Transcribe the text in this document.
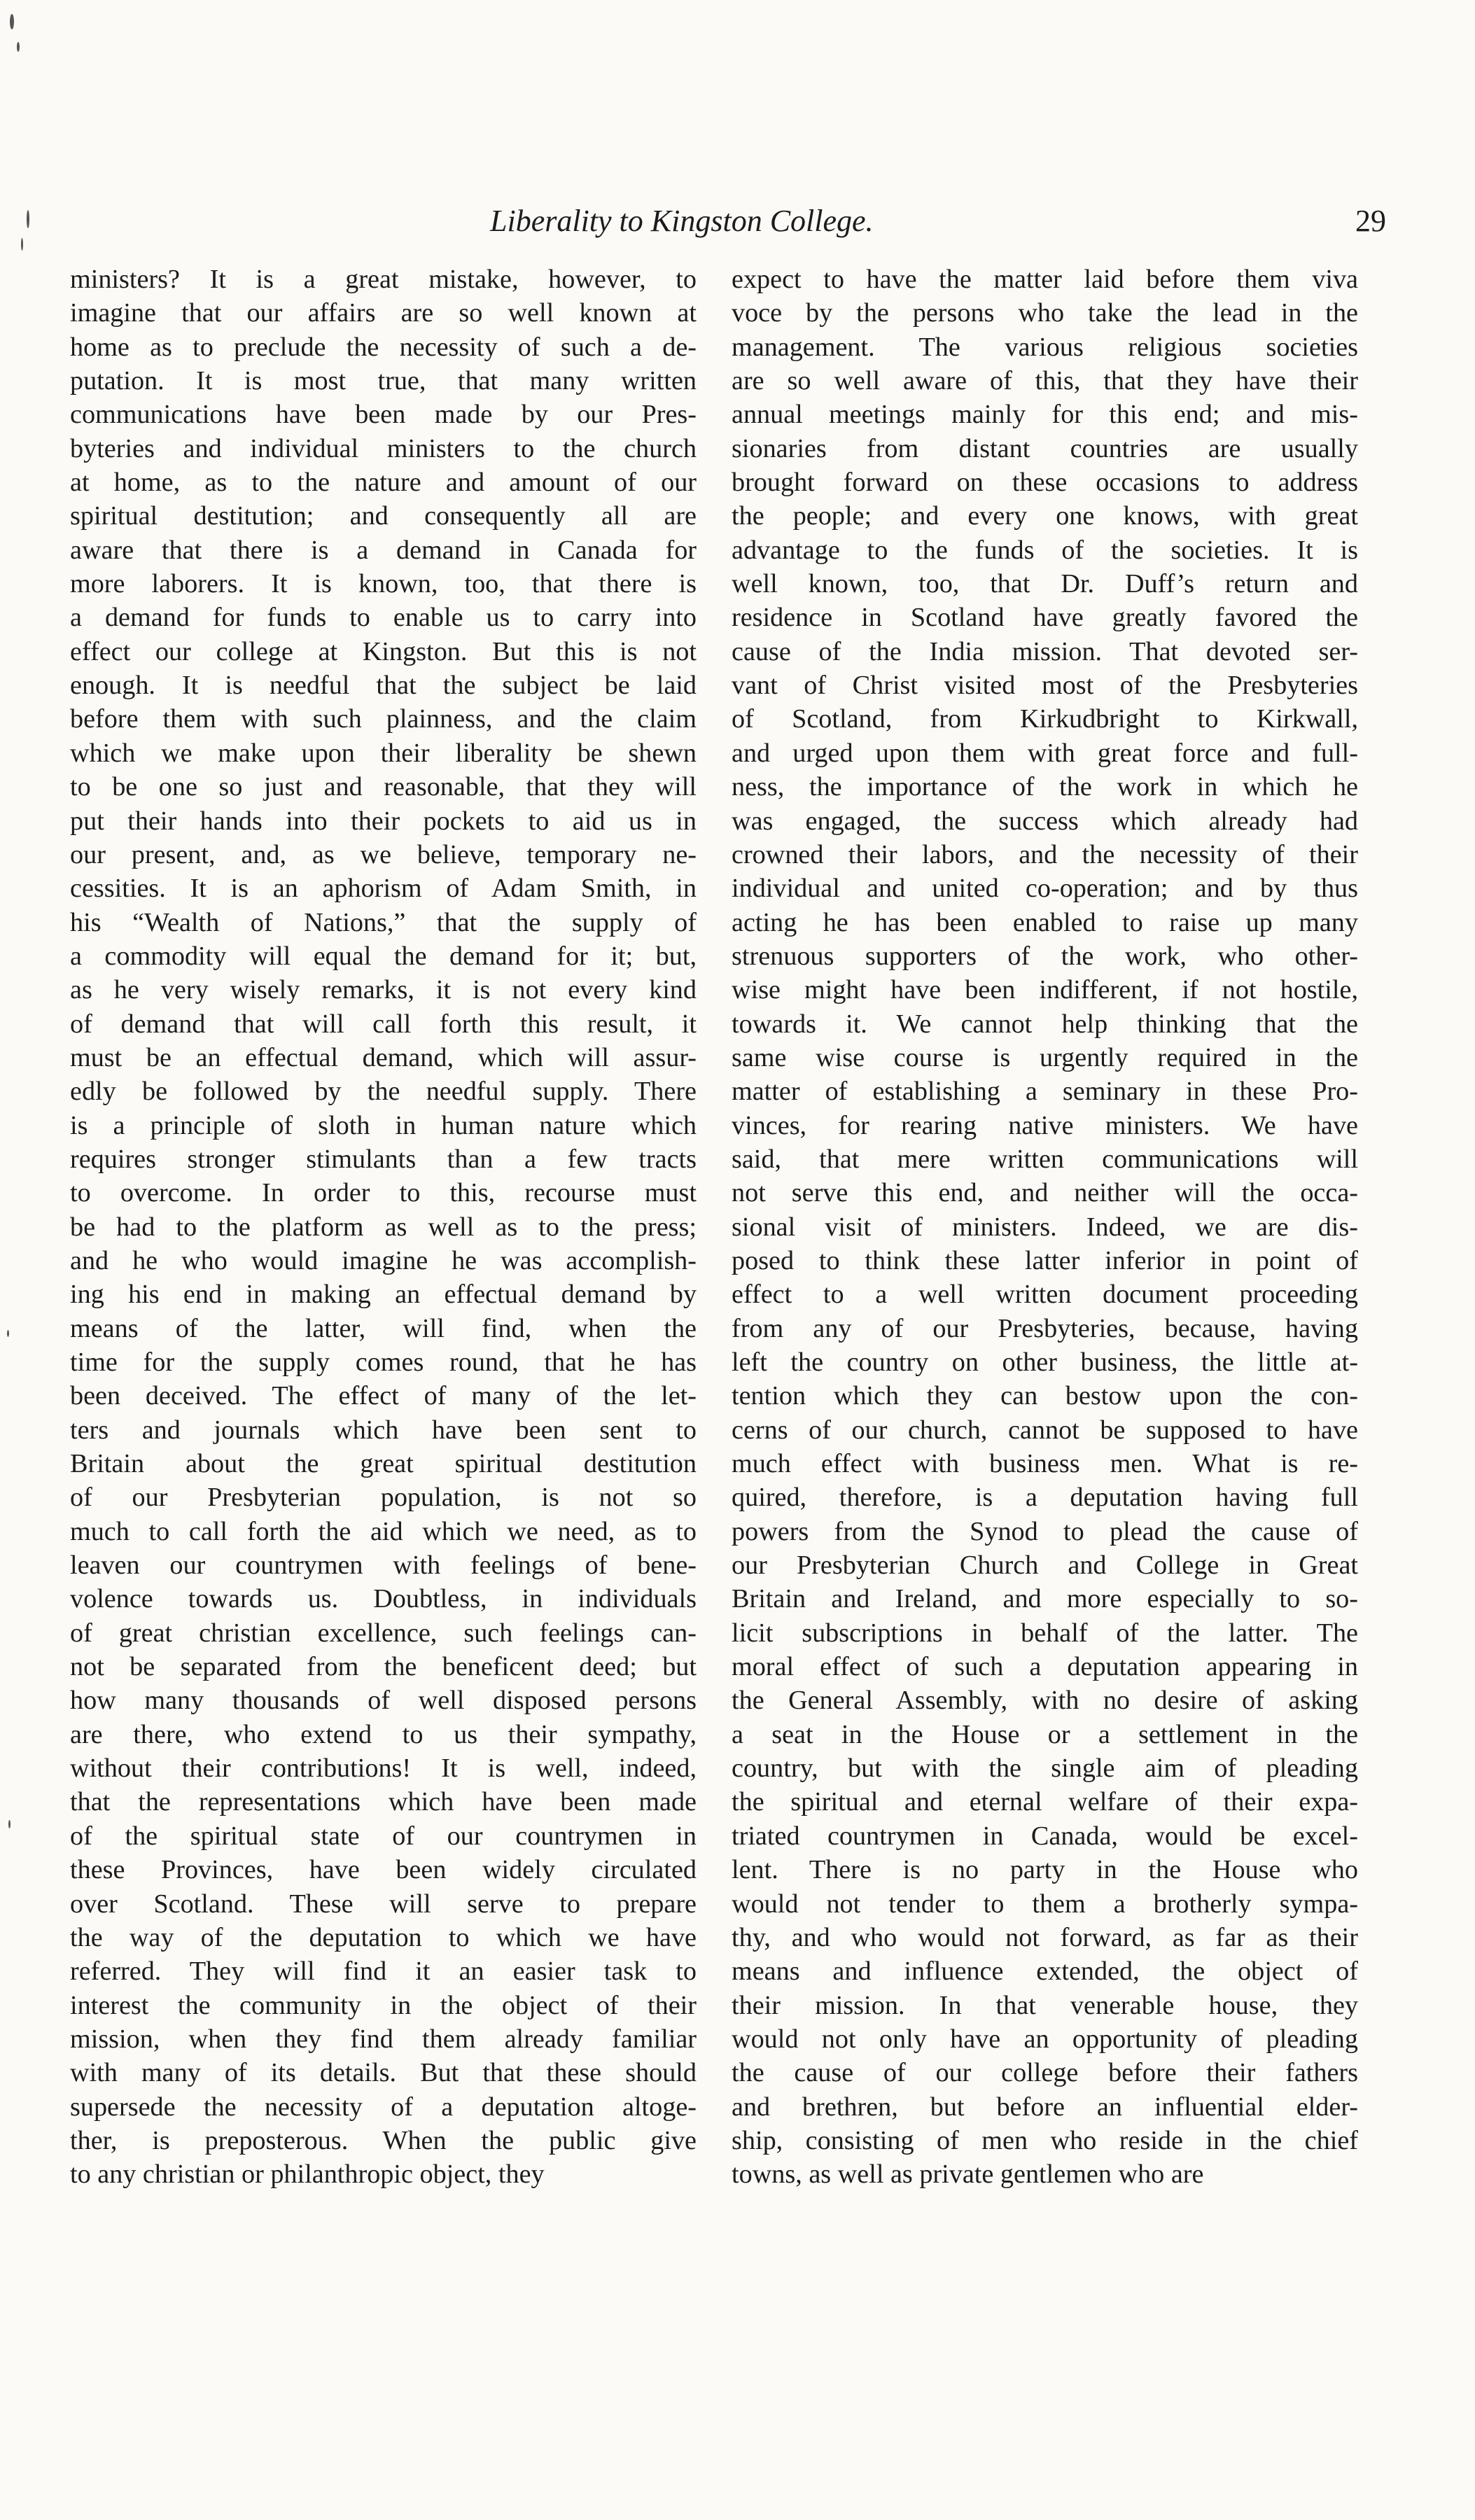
Liberality to Kingston College.	29
ministers? It is a great mistake, however, to
imagine that our affairs are so well known at
home as to preclude the necessity of such a de-
putation. It is most true, that many written
communications have been made by our Pres-
byteries and individual ministers to the church
at home, as to the nature and amount of our
spiritual destitution; and consequently all are
aware that there is a demand in Canada for
more laborers. It is known, too, that there is
a demand for funds to enable us to carry into
effect our college at Kingston. But this is not
enough. It is needful that the subject be laid
before them with such plainness, and the claim
which we make upon their liberality be shewn
to be one so just and reasonable, that they will
put their hands into their pockets to aid us in
our present, and, as we believe, temporary ne-
cessities. It is an aphorism of Adam Smith, in
his “Wealth of Nations,” that the supply of
a commodity will equal the demand for it; but,
as he very wisely remarks, it is not every kind
of demand that will call forth this result, it
must be an effectual demand, which will assur-
edly be followed by the needful supply. There
is a principle of sloth in human nature which
requires stronger stimulants than a few tracts
to overcome. In order to this, recourse must
be had to the platform as well as to the press;
and he who would imagine he was accomplish-
ing his end in making an effectual demand by
means of the latter, will find, when the
time for the supply comes round, that he has
been deceived. The effect of many of the let-
ters and journals which have been sent to
Britain about the great spiritual destitution
of our Presbyterian population, is not so
much to call forth the aid which we need, as to
leaven our countrymen with feelings of bene-
volence towards us. Doubtless, in individuals
of great christian excellence, such feelings can-
not be separated from the beneficent deed; but
how many thousands of well disposed persons
are there, who extend to us their sympathy,
without their contributions! It is well, indeed,
that the representations which have been made
of the spiritual state of our countrymen in
these Provinces, have been widely circulated
over Scotland. These will serve to prepare
the way of the deputation to which we have
referred. They will find it an easier task to
interest the community in the object of their
mission, when they find them already familiar
with many of its details. But that these should
supersede the necessity of a deputation altoge-
ther, is preposterous. When the public give
to any christian or philanthropic object, they
expect to have the matter laid before them viva
voce by the persons who take the lead in the
management. The various religious societies
are so well aware of this, that they have their
annual meetings mainly for this end; and mis-
sionaries from distant countries are usually
brought forward on these occasions to address
the people; and every one knows, with great
advantage to the funds of the societies. It is
well known, too, that Dr. Duff’s return and
residence in Scotland have greatly favored the
cause of the India mission. That devoted ser-
vant of Christ visited most of the Presbyteries
of Scotland, from Kirkudbright to Kirkwall,
and urged upon them with great force and full-
ness, the importance of the work in which he
was engaged, the success which already had
crowned their labors, and the necessity of their
individual and united co-operation; and by thus
acting he has been enabled to raise up many
strenuous supporters of the work, who other-
wise might have been indifferent, if not hostile,
towards it. We cannot help thinking that the
same wise course is urgently required in the
matter of establishing a seminary in these Pro-
vinces, for rearing native ministers. We have
said, that mere written communications will
not serve this end, and neither will the occa-
sional visit of ministers. Indeed, we are dis-
posed to think these latter inferior in point of
effect to a well written document proceeding
from any of our Presbyteries, because, having
left the country on other business, the little at-
tention which they can bestow upon the con-
cerns of our church, cannot be supposed to have
much effect with business men. What is re-
quired, therefore, is a deputation having full
powers from the Synod to plead the cause of
our Presbyterian Church and College in Great
Britain and Ireland, and more especially to so-
licit subscriptions in behalf of the latter. The
moral effect of such a deputation appearing in
the General Assembly, with no desire of asking
a seat in the House or a settlement in the
country, but with the single aim of pleading
the spiritual and eternal welfare of their expa-
triated countrymen in Canada, would be excel-
lent. There is no party in the House who
would not tender to them a brotherly sympa-
thy, and who would not forward, as far as their
means and influence extended, the object of
their mission. In that venerable house, they
would not only have an opportunity of pleading
the cause of our college before their fathers
and brethren, but before an influential elder-
ship, consisting of men who reside in the chief
towns, as well as private gentlemen who are
